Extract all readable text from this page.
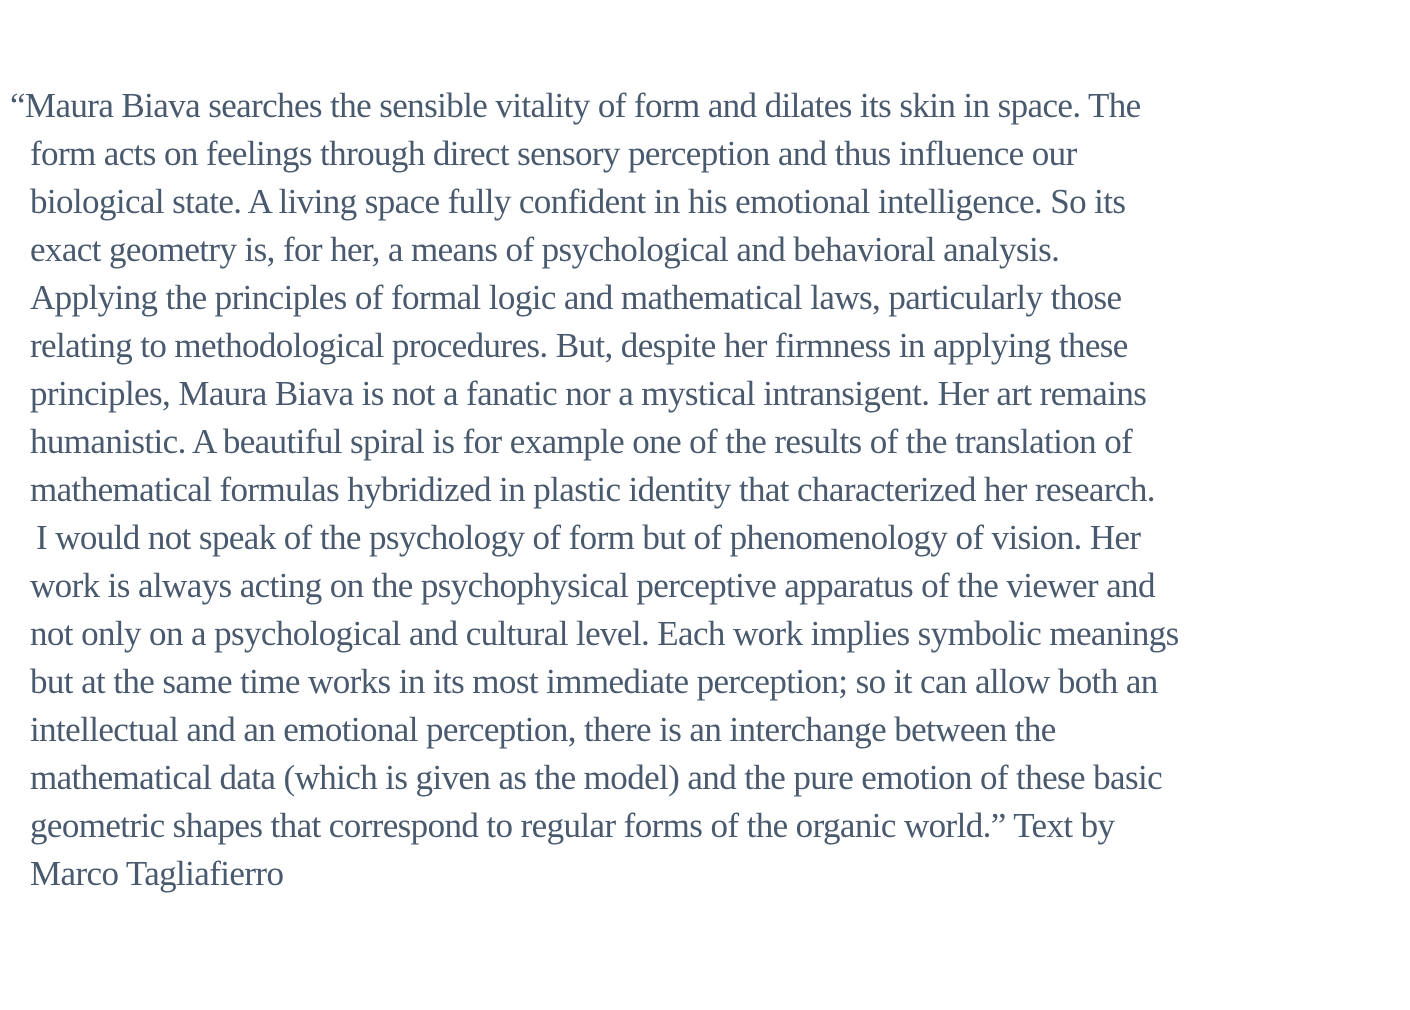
“Maura Biava searches the sensible vitality of form and dilates its skin in space. The
form acts on feelings through direct sensory perception and thus influence our
biological state. A living space fully confident in his emotional intelligence. So its
exact geometry is, for her, a means of psychological and behavioral analysis.
Applying the principles of formal logic and mathematical laws, particularly those
relating to methodological procedures. But, despite her firmness in applying these
principles, Maura Biava is not a fanatic nor a mystical intransigent. Her art remains
humanistic. A beautiful spiral is for example one of the results of the translation of
mathematical formulas hybridized in plastic identity that characterized her research.
I would not speak of the psychology of form but of phenomenology of vision. Her
work is always acting on the psychophysical perceptive apparatus of the viewer and
not only on a psychological and cultural level. Each work implies symbolic meanings
but at the same time works in its most immediate perception; so it can allow both an
intellectual and an emotional perception, there is an interchange between the
mathematical data (which is given as the model) and the pure emotion of these basic
geometric shapes that correspond to regular forms of the organic world.” Text by
Marco Tagliafierro
